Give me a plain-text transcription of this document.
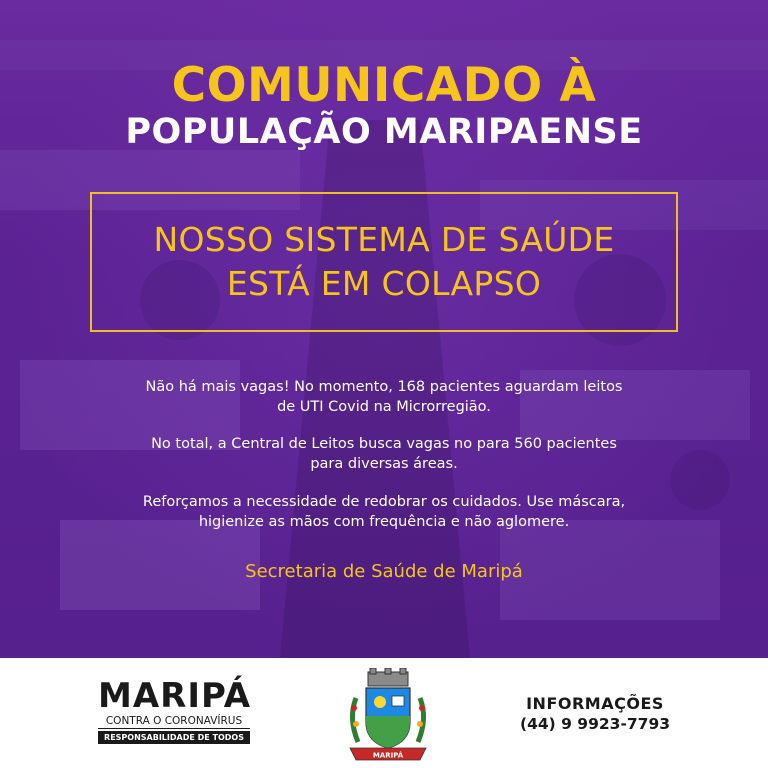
COMUNICADO À
POPULAÇÃO MARIPAENSE
NOSSO SISTEMA DE SAÚDE
ESTÁ EM COLAPSO
Não há mais vagas! No momento, 168 pacientes aguardam leitos
de UTI Covid na Microrregião.
No total, a Central de Leitos busca vagas no para 560 pacientes
para diversas áreas.
Reforçamos a necessidade de redobrar os cuidados. Use máscara,
higienize as mãos com frequência e não aglomere.
Secretaria de Saúde de Maripá
MARIPÁ
CONTRA O CORONAVÍRUS
RESPONSABILIDADE DE TODOS
MARIPÁ
INFORMAÇÕES
(44) 9 9923-7793
